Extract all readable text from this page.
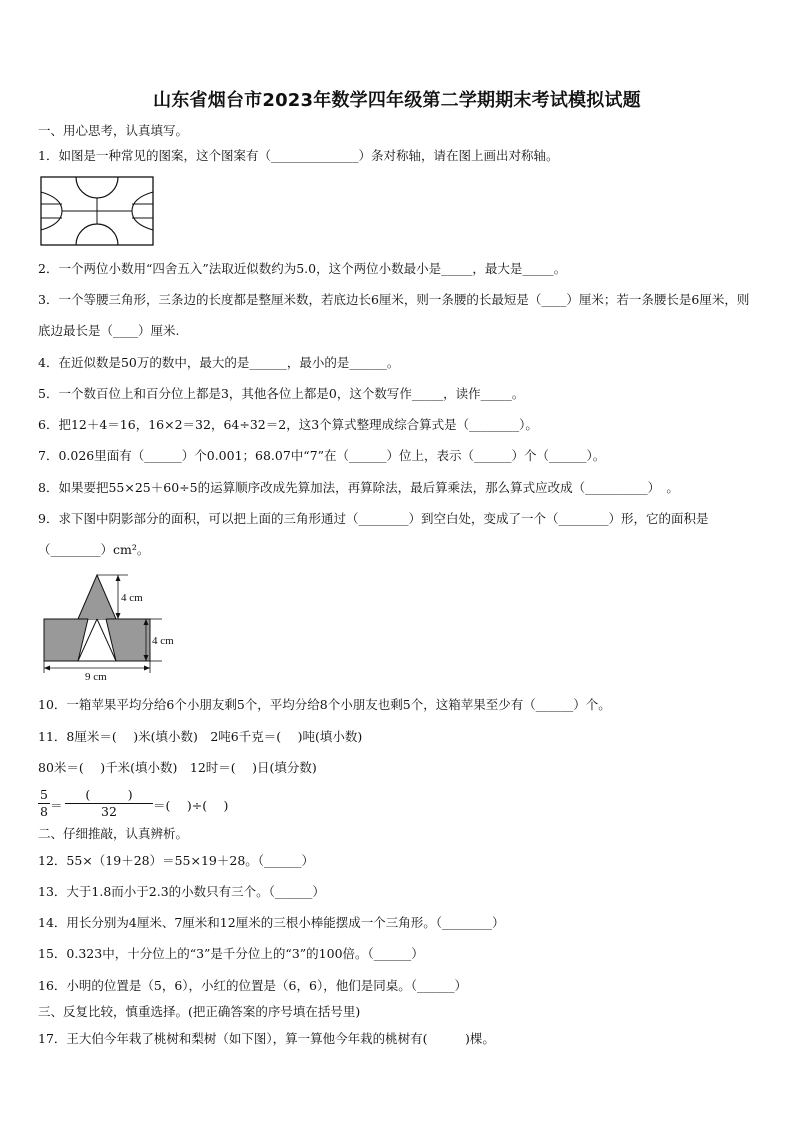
山东省烟台市2023年数学四年级第二学期期末考试模拟试题
一、用心思考，认真填写。
1．如图是一种常见的图案，这个图案有（______________）条对称轴，请在图上画出对称轴。
2．一个两位小数用“四舍五入”法取近似数约为5.0，这个两位小数最小是_____，最大是_____。
3．一个等腰三角形，三条边的长度都是整厘米数，若底边长6厘米，则一条腰的长最短是（____）厘米；若一条腰长是6厘米，则底边最长是（____）厘米.
4．在近似数是50万的数中，最大的是______，最小的是______。
5．一个数百位上和百分位上都是3，其他各位上都是0，这个数写作_____，读作_____。
6．把12＋4＝16，16×2＝32，64÷32＝2，这3个算式整理成综合算式是（________）。
7．0.026里面有（______）个0.001；68.07中“7”在（______）位上，表示（______）个（______）。
8．如果要把55×25＋60÷5的运算顺序改成先算加法，再算除法，最后算乘法，那么算式应改成（__________）　。
9．求下图中阴影部分的面积，可以把上面的三角形通过（________）到空白处，变成了一个（________）形，它的面积是（________）cm²。
4 cm
4 cm
9 cm
10．一箱苹果平均分给6个小朋友剩5个，平均分给8个小朋友也剩5个，这箱苹果至少有（______）个。
11．8厘米＝(　 )米(填小数)　2吨6千克＝(　 )吨(填小数)
80米＝(　 )千米(填小数)　12时＝(　 )日(填分数)
5
8 ＝
(　　　)
32	＝(　 )÷(　 )
二、仔细推敲，认真辨析。
12．55×（19＋28）＝55×19＋28。（______）
13．大于1.8而小于2.3的小数只有三个。（______）
14．用长分别为4厘米、7厘米和12厘米的三根小棒能摆成一个三角形。（________）
15．0.323中，十分位上的“3”是千分位上的“3”的100倍。（______）
16．小明的位置是（5，6），小红的位置是（6，6），他们是同桌。（______）
三、反复比较，慎重选择。(把正确答案的序号填在括号里)
17．王大伯今年栽了桃树和梨树（如下图），算一算他今年栽的桃树有(　　　)棵。
